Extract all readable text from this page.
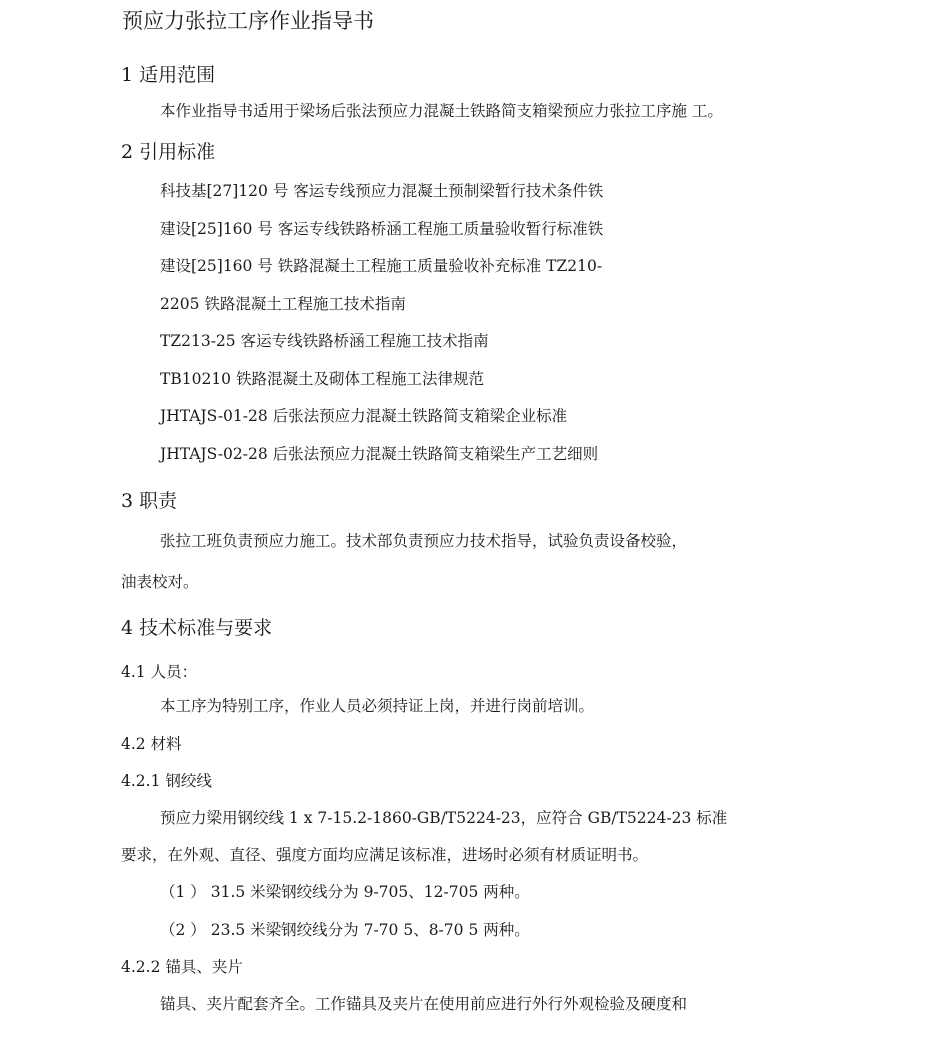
预应力张拉工序作业指导书
1 适用范围
本作业指导书适用于梁场后张法预应力混凝土铁路简支箱梁预应力张拉工序施 工。
2 引用标准
科技基[27]120 号 客运专线预应力混凝土预制梁暂行技术条件铁
建设[25]160 号 客运专线铁路桥涵工程施工质量验收暂行标准铁
建设[25]160 号 铁路混凝土工程施工质量验收补充标准 TZ210-
2205 铁路混凝土工程施工技术指南
TZ213-25 客运专线铁路桥涵工程施工技术指南
TB10210 铁路混凝土及砌体工程施工法律规范
JHTAJS-01-28 后张法预应力混凝土铁路简支箱梁企业标准
JHTAJS-02-28 后张法预应力混凝土铁路简支箱梁生产工艺细则
3 职责
张拉工班负责预应力施工。技术部负责预应力技术指导，试验负责设备校验，
油表校对。
4 技术标准与要求
4.1 人员：
本工序为特别工序，作业人员必须持证上岗，并进行岗前培训。
4.2 材料
4.2.1 钢绞线
预应力梁用钢绞线 1 x 7-15.2-1860-GB/T5224-23，应符合 GB/T5224-23 标准
要求，在外观、直径、强度方面均应满足该标准，进场时必须有材质证明书。
（1 ） 31.5 米梁钢绞线分为 9-705、12-705 两种。
（2 ） 23.5 米梁钢绞线分为 7-70 5、8-70 5 两种。
4.2.2 锚具、夹片
锚具、夹片配套齐全。工作锚具及夹片在使用前应进行外行外观检验及硬度和
